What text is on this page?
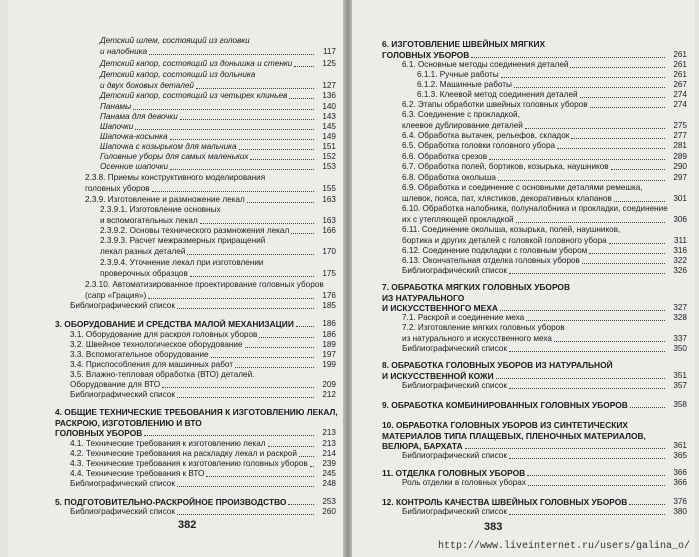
Детский шлем, состоящий из головки
и налобника	117
Детский капор, состоящий из донышка и стенки	125
Детский капор, состоящий из дольника
и двух боковых деталей	127
Детский капор, состоящий из четырех клиньев	136
Панамы	140
Панама для девочки	143
Шапочки	145
Шапочка-косынка	149
Шапочка с козырьком для мальчика	151
Головные уборы для самых маленьких	152
Осенние шапочки	153
2.3.8. Приемы конструктивного моделирования
головных уборов	155
2.3.9. Изготовление и размножение лекал	163
2.3.9.1. Изготовление основных
и вспомогательных лекал	163
2.3.9.2. Основы технического размножения лекал	166
2.3.9.3. Расчет межразмерных приращений
лекал разных деталей	170
2.3.9.4. Уточнение лекал при изготовлении
проверочных образцов	175
2.3.10. Автоматизированное проектирование головных уборов
(сапр «Грация»)	176
Библиографический список	185
3. ОБОРУДОВАНИЕ И СРЕДСТВА МАЛОЙ МЕХАНИЗАЦИИ	186
3.1. Оборудование для раскроя головных уборов	186
3.2. Швейное технологическое оборудование	189
3.3. Вспомогательное оборудование	197
3.4. Приспособления для машинных работ	199
3.5. Влажно-тепловая обработка (ВТО) деталей.
Оборудование для ВТО	209
Библиографический список	212
4. ОБЩИЕ ТЕХНИЧЕСКИЕ ТРЕБОВАНИЯ К ИЗГОТОВЛЕНИЮ ЛЕКАЛ,
РАСКРОЮ, ИЗГОТОВЛЕНИЮ И ВТО
ГОЛОВНЫХ УБОРОВ	213
4.1. Технические требования к изготовлению лекал	213
4.2. Технические требования на раскладку лекал и раскрой	214
4.3. Технические требования к изготовлению головных уборов	239
4.4. Технические требования к ВТО	245
Библиографический список	248
5. ПОДГОТОВИТЕЛЬНО-РАСКРОЙНОЕ ПРОИЗВОДСТВО	253
Библиографический список	260
382
6. ИЗГОТОВЛЕНИЕ ШВЕЙНЫХ МЯГКИХ
ГОЛОВНЫХ УБОРОВ	261
6.1. Основные методы соединения деталей	261
6.1.1. Ручные работы	261
6.1.2. Машинные работы	267
6.1.3. Клеевой метод соединения деталей	274
6.2. Этапы обработки швейных головных уборов	274
6.3. Соединение с прокладкой,
клеевое дублирование деталей	275
6.4. Обработка вытачек, рельефов, складок	277
6.5. Обработка головки головного убора	281
6.6. Обработка срезов	289
6.7. Обработка полей, бортиков, козырька, наушников	290
6.8. Обработка околыша	297
6.9. Обработка и соединение с основными деталями ремешка,
шлевок, пояса, пат, хлястиков, декоративных клапанов	301
6.10. Обработка налобника, полуналобника и прокладки, соединение
их с утепляющей прокладкой	306
6.11. Соединение околыша, козырька, полей, наушников,
бортика и других деталей с головкой головного убора	311
6.12. Соединение подкладки с головным убором	316
6.13. Окончательная отделка головных уборов	322
Библиографический список	326
7. ОБРАБОТКА МЯГКИХ ГОЛОВНЫХ УБОРОВ
ИЗ НАТУРАЛЬНОГО
И ИСКУССТВЕННОГО МЕХА	327
7.1. Раскрой и соединение меха	328
7.2. Изготовление мягких головных уборов
из натурального и искусственного меха	337
Библиографический список	350
8. ОБРАБОТКА ГОЛОВНЫХ УБОРОВ ИЗ НАТУРАЛЬНОЙ
И ИСКУССТВЕННОЙ КОЖИ	351
Библиографический список	357
9. ОБРАБОТКА КОМБИНИРОВАННЫХ ГОЛОВНЫХ УБОРОВ	358
10. ОБРАБОТКА ГОЛОВНЫХ УБОРОВ ИЗ СИНТЕТИЧЕСКИХ
МАТЕРИАЛОВ ТИПА ПЛАЩЕВЫХ, ПЛЕНОЧНЫХ МАТЕРИАЛОВ,
ВЕЛЮРА, БАРХАТА	361
Библиографический список	365
11. ОТДЕЛКА ГОЛОВНЫХ УБОРОВ	366
Роль отделки в головных уборах	366
12. КОНТРОЛЬ КАЧЕСТВА ШВЕЙНЫХ ГОЛОВНЫХ УБОРОВ	376
Библиографический список	380
383
http://www.liveinternet.ru/users/galina_o/
